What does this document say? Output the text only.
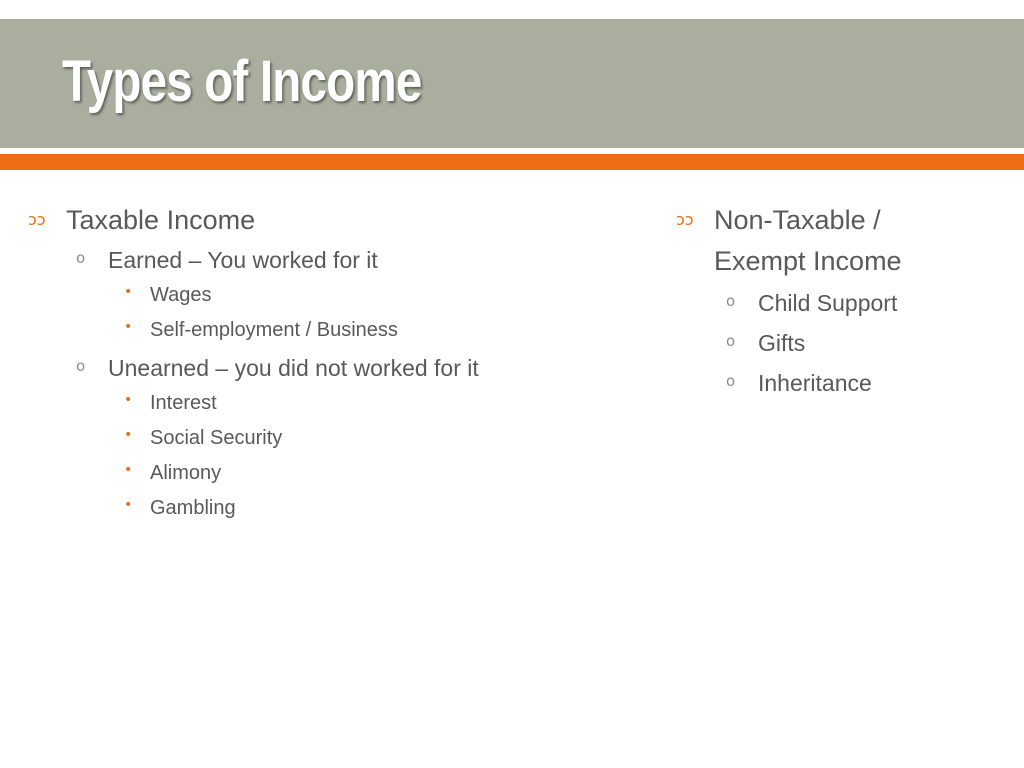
Types of Income
ↄↄ Taxable Income
o Earned – You worked for it
• Wages
• Self-employment / Business
o Unearned – you did not worked for it
• Interest
• Social Security
• Alimony
• Gambling
ↄↄ Non-Taxable /
Exempt Income
o Child Support
o Gifts
o Inheritance
